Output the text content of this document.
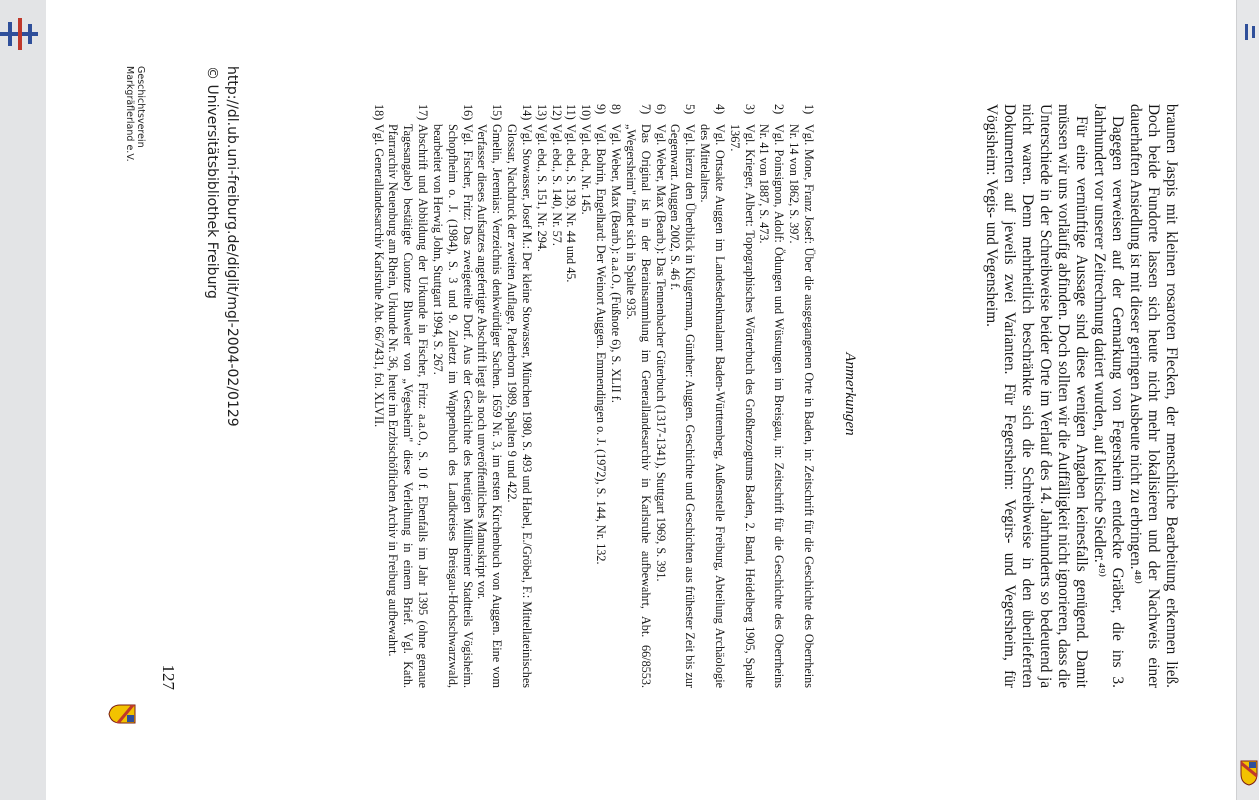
braunen Jaspis mit kleinen rosaroten Flecken, der menschliche Bearbeitung erkennen ließ. Doch beide Fundorte lassen sich heute nicht mehr lokalisieren und der Nachweis einer dauerhaften Ansiedlung ist mit dieser geringen Ausbeute nicht zu erbringen.⁴⁸⁾

Dagegen verweisen auf der Gemarkung von Fegersheim entdeckte Gräber, die ins 3. Jahrhundert vor unserer Zeitrechnung datiert wurden, auf keltische Siedler.⁴⁹⁾

Für eine vernünftige Aussage sind diese wenigen Angaben keinesfalls genügend. Damit müssen wir uns vorläufig abfinden. Doch sollten wir die Auffälligkeit nicht ignorieren, dass die Unterschiede in der Schreibweise beider Orte im Verlauf des 14. Jahrhunderts so bedeutend ja nicht waren. Denn mehrheitlich beschränkte sich die Schreibweise in den überlieferten Dokumenten auf jeweils zwei Varianten. Für Fegersheim: Vegirs- und Vegersheim, für Vögisheim: Vegis- und Vegensheim.

Anmerkungen
1)
Vgl. Mone, Franz Josef: Über die ausgegangenen Orte in Baden, in: Zeitschrift für die Geschichte des Oberrheins Nr. 14 von 1862, S. 397.
2)
Vgl. Poinsignon, Adolf: Ödungen und Wüstungen im Breisgau, in: Zeitschrift für die Geschichte des Oberrheins Nr. 41 von 1887, S. 473.
3)
Vgl. Krieger, Albert: Topographisches Wörterbuch des Großherzogtums Baden, 2. Band, Heidelberg 1905, Spalte 1367.
4)
Vgl. Ortsakte Auggen im Landesdenkmalamt Baden-Württemberg, Außenstelle Freiburg, Abteilung Archäologie des Mittelalters.
5)
Vgl. hierzu den Überblick in Klugermann, Günther: Auggen. Geschichte und Geschichten aus frühester Zeit bis zur Gegenwart. Auggen 2002, S. 46 f.
6)
Vgl. Weber, Max (Bearb.): Das Tennenbacher Güterbuch (1317-1341), Stuttgart 1969, S. 391.
7)
Das Original ist in der Berainsammlung im Generallandesarchiv in Karlsruhe aufbewahrt, Abt. 66/8553. „Wegersheim" findet sich in Spalte 935.
8)
Vgl. Weber, Max (Bearb.): a.a.O., (Fußnote 6), S. XLII f.
9)
Vgl. Bohrin, Engelhard: Der Weinort Auggen. Emmendingen o. J. (1972), S. 144, Nr. 132.
10)
Vgl. ebd., Nr. 145.
11)
Vgl. ebd., S. 139, Nr. 44 und 45.
12)
Vgl. ebd., S. 140, Nr. 57.
13)
Vgl. ebd., S. 151, Nr. 294.
14)
Vgl. Stowasser, Josef M.: Der kleine Stowasser, München 1980, S. 493 und Habel, E./Gröbel, F.: Mittellateinisches Glossar, Nachdruck der zweiten Auflage, Paderborn 1989, Spalten 9 und 422.
15)
Gmelin, Jeremias: Verzeichnis denkwürdiger Sachen. 1659 Nr. 3, im ersten Kirchenbuch von Auggen. Eine vom Verfasser dieses Aufsatzes angefertigte Abschrift liegt als noch unveröffentliches Manuskript vor.
16)
Vgl. Fischer, Fritz: Das zweigeteilte Dorf. Aus der Geschichte des heutigen Müllheimer Stadtteils Vögisheim. Schopfheim o. J. (1984), S. 3 und 9. Zuletzt im Wappenbuch des Landkreises Breisgau-Hochschwarzwald, bearbeitet von Herwig John, Stuttgart 1994, S. 267.
17)
Abschrift und Abbildung der Urkunde in Fischer, Fritz: a.a.O., S. 10 f. Ebenfalls im Jahr 1395 (ohne genaue Tagesangabe) bestätigte Cuontze Bluweler von „Vegesheim" diese Verleihung in einem Brief. Vgl. Kath. Pfarrarchiv Neuenburg am Rhein, Urkunde Nr. 36, heute im Erzbischöflichen Archiv in Freiburg aufbewahrt.
18)
Vgl. Generallandesarchiv Karlsruhe Abt. 66/7431, fol. XLVII.
127
http://dl.ub.uni-freiburg.de/diglit/mgl-2004-02/0129
© Universitätsbibliothek Freiburg
Geschichtsverein
Markgräflerland e.V.
